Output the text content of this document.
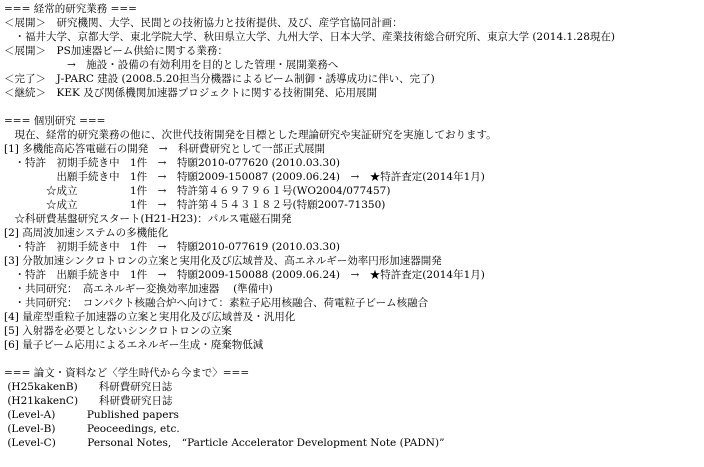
=== 経常的研究業務 ===
＜展開＞　研究機関、大学、民間との技術協力と技術提供、及び、産学官協同計画：
　・福井大学、京都大学、東北学院大学、秋田県立大学、九州大学、日本大学、産業技術総合研究所、東京大学 (2014.1.28現在)
＜展開＞　PS加速器ビーム供給に関する業務：
　　　　　　→　施設・設備の有効利用を目的とした管理・展開業務へ
＜完了＞　J-PARC 建設 (2008.5.20担当分機器によるビーム制御・誘導成功に伴い、完了)
＜継続＞　KEK 及び関係機関加速器プロジェクトに関する技術開発、応用展開
=== 個別研究 ===
　現在、経常的研究業務の他に、次世代技術開発を目標とした理論研究や実証研究を実施しております。
[1] 多機能高応答電磁石の開発　→　科研費研究として一部正式展開
　・特許　初期手続き中　1件　→　特願2010-077620 (2010.03.30)
　　　　　出願手続き中　1件　→　特願2009-150087 (2009.06.24)　→　★特許査定(2014年1月)
　　　　☆成立　　　　　1件　→　特許第４６９７９６１号(WO2004/077457)
　　　　☆成立　　　　　1件　→　特許第４５４３１８２号(特願2007-71350)
　☆科研費基盤研究スタート(H21-H23)：パルス電磁石開発
[2] 高周波加速システムの多機能化
　・特許　初期手続き中　1件　→　特願2010-077619 (2010.03.30)
[3] 分散加速シンクロトロンの立案と実用化及び広域普及、高エネルギー効率円形加速器開発
　・特許　出願手続き中　1件　→　特願2009-150088 (2009.06.24)　→　★特許査定(2014年1月)
　・共同研究：　高エネルギー変換効率加速器　 (準備中)
　・共同研究：　コンパクト核融合炉へ向けて：素粒子応用核融合、荷電粒子ビーム核融合
[4] 量産型重粒子加速器の立案と実用化及び広域普及・汎用化
[5] 入射器を必要としないシンクロトロンの立案
[6] 量子ビーム応用によるエネルギー生成・廃棄物低減
=== 論文・資料など〈学生時代から今まで〉===
(H25kakenB)　　科研費研究日誌
(H21kakenC)　　科研費研究日誌
(Level-A)　　　Published papers
(Level-B)　　　Peoceedings, etc.
(Level-C)　　　Personal Notes,　“Particle Accelerator Development Note (PADN)”
